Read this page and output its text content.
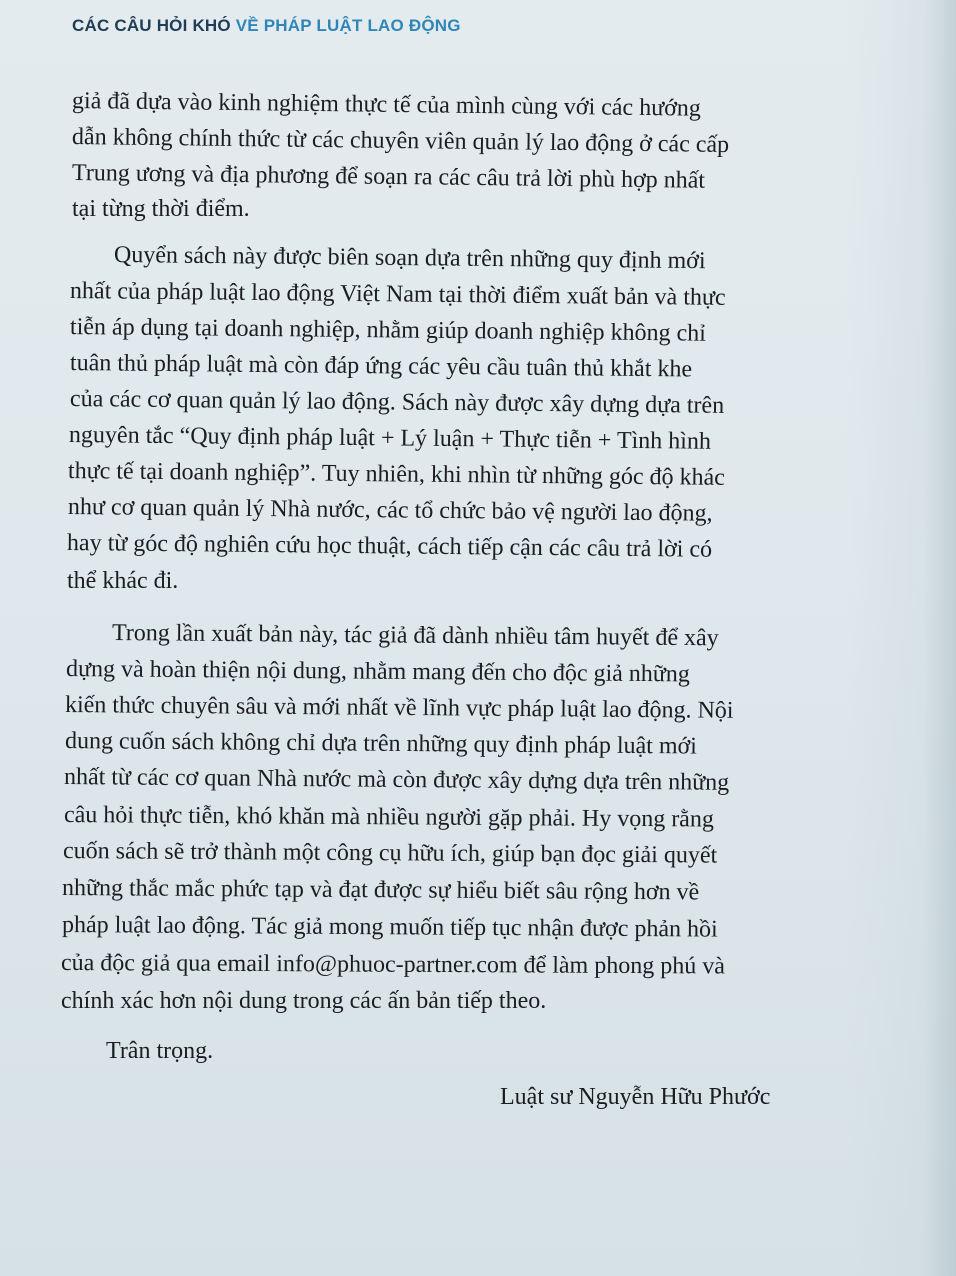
CÁC CÂU HỎI KHÓ VỀ PHÁP LUẬT LAO ĐỘNG
giả đã dựa vào kinh nghiệm thực tế của mình cùng với các hướng
dẫn không chính thức từ các chuyên viên quản lý lao động ở các cấp
Trung ương và địa phương để soạn ra các câu trả lời phù hợp nhất
tại từng thời điểm.
Quyển sách này được biên soạn dựa trên những quy định mới
nhất của pháp luật lao động Việt Nam tại thời điểm xuất bản và thực
tiễn áp dụng tại doanh nghiệp, nhằm giúp doanh nghiệp không chỉ
tuân thủ pháp luật mà còn đáp ứng các yêu cầu tuân thủ khắt khe
của các cơ quan quản lý lao động. Sách này được xây dựng dựa trên
nguyên tắc “Quy định pháp luật + Lý luận + Thực tiễn + Tình hình
thực tế tại doanh nghiệp”. Tuy nhiên, khi nhìn từ những góc độ khác
như cơ quan quản lý Nhà nước, các tổ chức bảo vệ người lao động,
hay từ góc độ nghiên cứu học thuật, cách tiếp cận các câu trả lời có
thể khác đi.
Trong lần xuất bản này, tác giả đã dành nhiều tâm huyết để xây
dựng và hoàn thiện nội dung, nhằm mang đến cho độc giả những
kiến thức chuyên sâu và mới nhất về lĩnh vực pháp luật lao động. Nội
dung cuốn sách không chỉ dựa trên những quy định pháp luật mới
nhất từ các cơ quan Nhà nước mà còn được xây dựng dựa trên những
câu hỏi thực tiễn, khó khăn mà nhiều người gặp phải. Hy vọng rằng
cuốn sách sẽ trở thành một công cụ hữu ích, giúp bạn đọc giải quyết
những thắc mắc phức tạp và đạt được sự hiểu biết sâu rộng hơn về
pháp luật lao động. Tác giả mong muốn tiếp tục nhận được phản hồi
của độc giả qua email info@phuoc-partner.com để làm phong phú và
chính xác hơn nội dung trong các ấn bản tiếp theo.
Trân trọng.
Luật sư Nguyễn Hữu Phước
